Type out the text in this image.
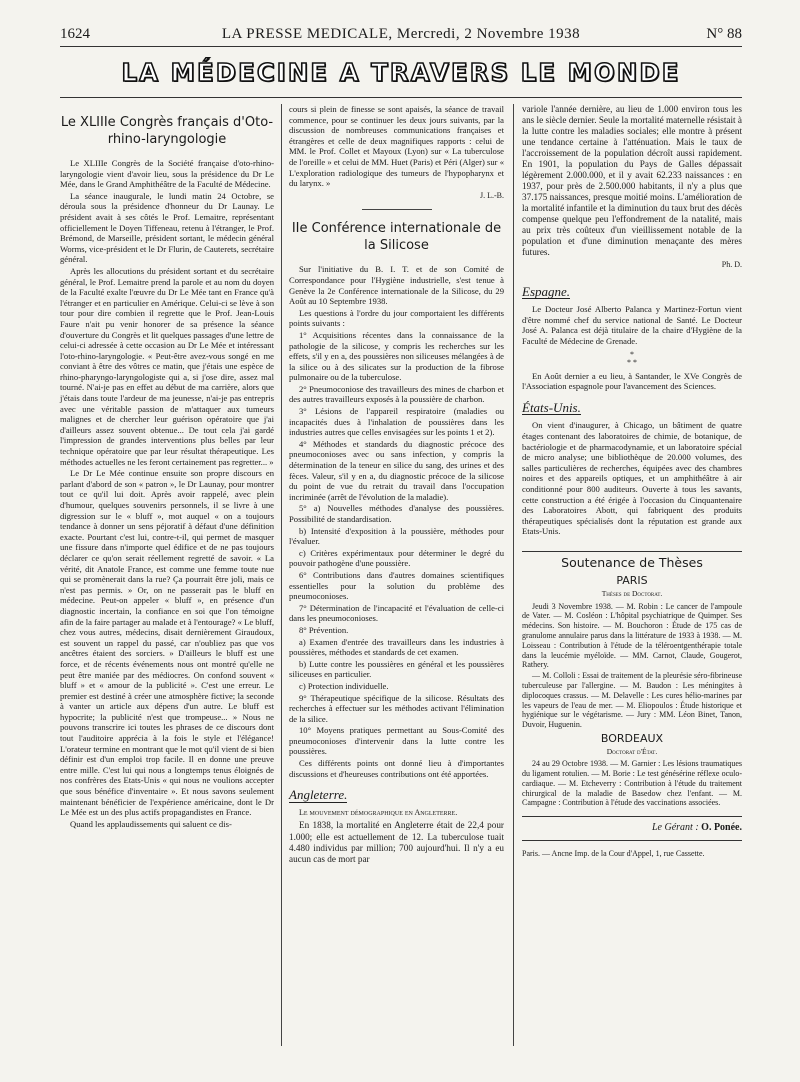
1624	LA PRESSE MEDICALE, Mercredi, 2 Novembre 1938	N° 88
LA MÉDECINE A TRAVERS LE MONDE
Le XLIIIe Congrès français d'Oto-rhino-laryngologie

Le XLIIIe Congrès de la Société française d'oto-rhino-laryngologie vient d'avoir lieu, sous la présidence du Dr Le Mée, dans le Grand Amphithéâtre de la Faculté de Médecine.

La séance inaugurale, le lundi matin 24 Octobre, se déroula sous la présidence d'honneur du Dr Launay. Le président avait à ses côtés le Prof. Lemaitre, représentant officiellement le Doyen Tiffeneau, retenu à l'étranger, le Prof. Brémond, de Marseille, président sortant, le médecin général Worms, vice-président et le Dr Flurin, de Cauterets, secrétaire général.

Après les allocutions du président sortant et du secrétaire général, le Prof. Lemaitre prend la parole et au nom du doyen de la Faculté exalte l'œuvre du Dr Le Mée tant en France qu'à l'étranger et en particulier en Amérique. Celui-ci se lève à son tour pour dire combien il regrette que le Prof. Jean-Louis Faure n'ait pu venir honorer de sa présence la séance d'ouverture du Congrès et lit quelques passages d'une lettre de celui-ci adressée à cette occasion au Dr Le Mée et intéressant l'oto-rhino-laryngologie. « Peut-être avez-vous songé en me conviant à être des vôtres ce matin, que j'étais une espèce de rhino-pharyngo-laryngologiste qui a, si j'ose dire, assez mal tourné. N'ai-je pas en effet au début de ma carrière, alors que j'étais dans toute l'ardeur de ma jeunesse, n'ai-je pas entrepris avec une véritable passion de m'attaquer aux tumeurs malignes et de chercher leur guérison opératoire que j'ai d'ailleurs assez souvent obtenue... De tout cela j'ai gardé l'impression de grandes interventions plus belles par leur technique opératoire que par leur résultat thérapeutique. Les méthodes actuelles ne les feront certainement pas regretter... »

Le Dr Le Mée continue ensuite son propre discours en parlant d'abord de son « patron », le Dr Launay, pour montrer tout ce qu'il lui doit. Après avoir rappelé, avec plein d'humour, quelques souvenirs personnels, il se livre à une digression sur le « bluff », mot auquel « on a toujours tendance à donner un sens péjoratif à défaut d'une définition exacte. Pourtant c'est lui, contre-t-il, qui permet de masquer une fissure dans n'importe quel édifice et de ne pas toujours déclarer ce qu'on serait réellement regretté de savoir. « La vérité, dit Anatole France, est comme une femme toute nue qui se promènerait dans la rue? Ça pourrait être joli, mais ce n'est pas permis. » Or, on ne passerait pas le bluff en médecine. Peut-on appeler « bluff », en présence d'un diagnostic incertain, la confiance en soi que l'on témoigne afin de la faire partager au malade et à l'entourage? « Le bluff, chez vous autres, médecins, disait dernièrement Giraudoux, est souvent un rappel du passé, car n'oubliez pas que vos ancêtres étaient des sorciers. » D'ailleurs le bluff est une force, et de récents événements nous ont montré qu'elle ne peut être maniée par des médiocres. On confond souvent « bluff » et « amour de la publicité ». C'est une erreur. Le premier est destiné à créer une atmosphère fictive; la seconde à vanter un article aux dépens d'un autre. Le bluff est hypocrite; la publicité n'est que trompeuse... » Nous ne pouvons transcrire ici toutes les phrases de ce discours dont tout l'auditoire apprécia à la fois le style et l'élégance! L'orateur termine en montrant que le mot qu'il vient de si bien définir est d'un emploi trop facile. Il en donne une preuve entre mille. C'est lui qui nous a longtemps tenus éloignés de nos confrères des Etats-Unis « qui nous ne voulions accepter que sous bénéfice d'inventaire ». Et nous savons seulement maintenant bénéficier de l'expérience américaine, dont le Dr Le Mée est un des plus actifs propagandistes en France.

Quand les applaudissements qui saluent ce dis-

cours si plein de finesse se sont apaisés, la séance de travail commence, pour se continuer les deux jours suivants, par la discussion de nombreuses communications françaises et étrangères et celle de deux magnifiques rapports : celui de MM. le Prof. Collet et Mayoux (Lyon) sur « La tuberculose de l'oreille » et celui de MM. Huet (Paris) et Péri (Alger) sur « L'exploration radiologique des tumeurs de l'hypopharynx et du larynx. »

J. L.-B.
IIe Conférence internationale de la Silicose

Sur l'initiative du B. I. T. et de son Comité de Correspondance pour l'Hygiène industrielle, s'est tenue à Genève la 2e Conférence internationale de la Silicose, du 29 Août au 10 Septembre 1938.

Les questions à l'ordre du jour comportaient les différents points suivants :

1° Acquisitions récentes dans la connaissance de la pathologie de la silicose, y compris les recherches sur les effets, s'il y en a, des poussières non siliceuses mélangées à de la silice ou à des silicates sur la production de la fibrose pulmonaire ou de la tuberculose.

2° Pneumoconiose des travailleurs des mines de charbon et des autres travailleurs exposés à la poussière de charbon.

3° Lésions de l'appareil respiratoire (maladies ou incapacités dues à l'inhalation de poussières dans les industries autres que celles envisagées sur les points 1 et 2).

4° Méthodes et standards du diagnostic précoce des pneumoconioses avec ou sans infection, y compris la détermination de la teneur en silice du sang, des urines et des fèces. Valeur, s'il y en a, du diagnostic précoce de la silicose du point de vue du retrait du travail dans l'occupation incriminée (arrêt de l'évolution de la maladie).

5° a) Nouvelles méthodes d'analyse des poussières. Possibilité de standardisation.

b) Intensité d'exposition à la poussière, méthodes pour l'évaluer.

c) Critères expérimentaux pour déterminer le degré du pouvoir pathogène d'une poussière.

6° Contributions dans d'autres domaines scientifiques essentielles pour la solution du problème des pneumoconioses.

7° Détermination de l'incapacité et l'évaluation de celle-ci dans les pneumoconioses.

8° Prévention.

a) Examen d'entrée des travailleurs dans les industries à poussières, méthodes et standards de cet examen.

b) Lutte contre les poussières en général et les poussières siliceuses en particulier.

c) Protection individuelle.

9° Thérapeutique spécifique de la silicose. Résultats des recherches à effectuer sur les méthodes activant l'élimination de la silice.

10° Moyens pratiques permettant au Sous-Comité des pneumoconioses d'intervenir dans la lutte contre les poussières.

Ces différents points ont donné lieu à d'importantes discussions et d'heureuses contributions ont été apportées.

Angleterre.
Le mouvement démographique en Angleterre.

En 1838, la mortalité en Angleterre était de 22,4 pour 1.000; elle est actuellement de 12. La tuberculose tuait 4.480 individus par million; 700 aujourd'hui. Il n'y a eu aucun cas de mort par

variole l'année dernière, au lieu de 1.000 environ tous les ans le siècle dernier. Seule la mortalité maternelle résistait à la lutte contre les maladies sociales; elle montre à présent une tendance certaine à l'atténuation. Mais le taux de l'accroissement de la population décroît aussi rapidement. En 1901, la population du Pays de Galles dépassait légèrement 2.000.000, et il y avait 62.233 naissances : en 1937, pour près de 2.500.000 habitants, il n'y a plus que 37.175 naissances, presque moitié moins. L'amélioration de la mortalité infantile et la diminution du taux brut des décès compense quelque peu l'effondrement de la natalité, mais au prix très coûteux d'un vieillissement notable de la population et d'une diminution menaçante des mères futures.

Ph. D.
Espagne.

Le Docteur José Alberto Palanca y Martinez-Fortun vient d'être nommé chef du service national de Santé. Le Docteur José A. Palanca est déjà titulaire de la chaire d'Hygiène de la Faculté de Médecine de Grenade.

*
* *

En Août dernier a eu lieu, à Santander, le XVe Congrès de l'Association espagnole pour l'avancement des Sciences.

États-Unis.

On vient d'inaugurer, à Chicago, un bâtiment de quatre étages contenant des laboratoires de chimie, de botanique, de bactériologie et de pharmacodynamie, et un laboratoire spécial de micro analyse; une bibliothèque de 20.000 volumes, des salles particulières de recherches, équipées avec des chambres noires et des appareils optiques, et un amphithéâtre à air conditionné pour 800 auditeurs. Ouverte à tous les savants, cette construction a été érigée à l'occasion du Cinquantenaire des Laboratoires Abott, qui fabriquent des produits thérapeutiques spécialisés dont la réputation est grande aux Etats-Unis.

Soutenance de Thèses
PARIS
Thèses de Doctorat.

Jeudi 3 Novembre 1938. — M. Robin : Le cancer de l'ampoule de Vater. — M. Cosléon : L'hôpital psychiatrique de Quimper. Ses médecins. Son histoire. — M. Bouchoron : Étude de 175 cas de granulome annulaire parus dans la littérature de 1933 à 1938. — M. Loisseau : Contribution à l'étude de la téléroentgenthérapie totale dans la leucémie myéloïde. — MM. Carnot, Claude, Gougerot, Rathery.

— M. Colloli : Essai de traitement de la pleurésie séro-fibrineuse tuberculeuse par l'allergine. — M. Baudon : Les méningites à diplocoques crassus. — M. Delavelle : Les cures hélio-marines par les vapeurs de l'eau de mer. — M. Eliopoulos : Étude historique et hygiénique sur le végétarisme. — Jury : MM. Léon Binet, Tanon, Duvoir, Huguenin.

BORDEAUX
Doctorat d'État.

24 au 29 Octobre 1938. — M. Garnier : Les lésions traumatiques du ligament rotulien. — M. Borie : Le test génésérine réflexe oculo-cardiaque. — M. Etcheverry : Contribution à l'étude du traitement chirurgical de la maladie de Basedow chez l'enfant. — M. Campagne : Contribution à l'étude des vaccinations associées.

Le Gérant : O. Ponée.

Paris. — Ancne Imp. de la Cour d'Appel, 1, rue Cassette.
